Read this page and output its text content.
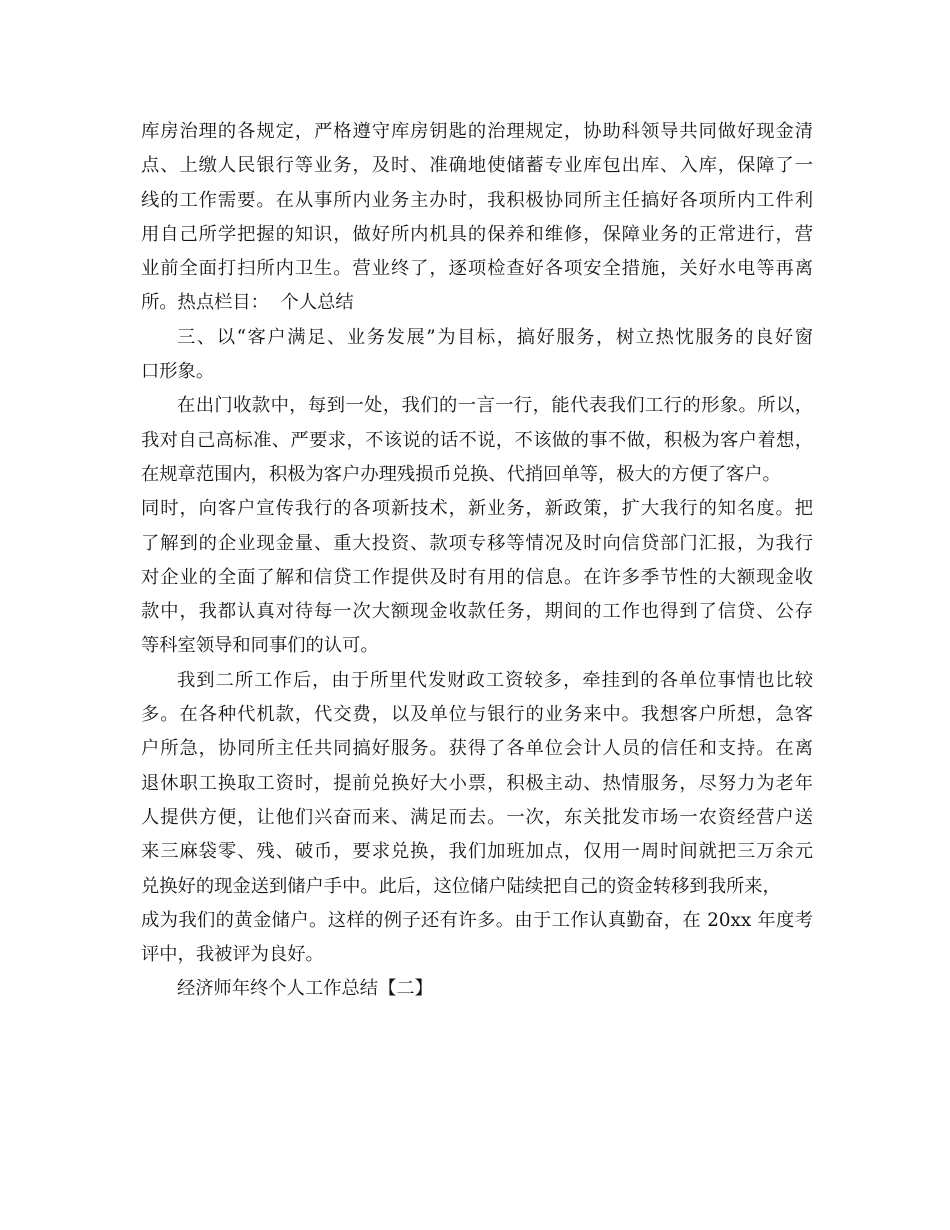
库房治理的各规定，严格遵守库房钥匙的治理规定，协助科领导共同做好现金清
点、上缴人民银行等业务，及时、准确地使储蓄专业库包出库、入库，保障了一
线的工作需要。在从事所内业务主办时，我积极协同所主任搞好各项所内工件利
用自己所学把握的知识，做好所内机具的保养和维修，保障业务的正常进行，营
业前全面打扫所内卫生。营业终了，逐项检查好各项安全措施，关好水电等再离
所。热点栏目：  个人总结
三、以“客户满足、业务发展”为目标，搞好服务，树立热忱服务的良好窗
口形象。
在出门收款中，每到一处，我们的一言一行，能代表我们工行的形象。所以，
我对自己高标准、严要求，不该说的话不说，不该做的事不做，积极为客户着想，
在规章范围内，积极为客户办理残损币兑换、代捎回单等，极大的方便了客户。
同时，向客户宣传我行的各项新技术，新业务，新政策，扩大我行的知名度。把
了解到的企业现金量、重大投资、款项专移等情况及时向信贷部门汇报，为我行
对企业的全面了解和信贷工作提供及时有用的信息。在许多季节性的大额现金收
款中，我都认真对待每一次大额现金收款任务，期间的工作也得到了信贷、公存
等科室领导和同事们的认可。
我到二所工作后，由于所里代发财政工资较多，牵挂到的各单位事情也比较
多。在各种代机款，代交费，以及单位与银行的业务来中。我想客户所想，急客
户所急，协同所主任共同搞好服务。获得了各单位会计人员的信任和支持。在离
退休职工换取工资时，提前兑换好大小票，积极主动、热情服务，尽努力为老年
人提供方便，让他们兴奋而来、满足而去。一次，东关批发市场一农资经营户送
来三麻袋零、残、破币，要求兑换，我们加班加点，仅用一周时间就把三万余元
兑换好的现金送到储户手中。此后，这位储户陆续把自己的资金转移到我所来，
成为我们的黄金储户。这样的例子还有许多。由于工作认真勤奋，在 20xx 年度考
评中，我被评为良好。
经济师年终个人工作总结【二】
